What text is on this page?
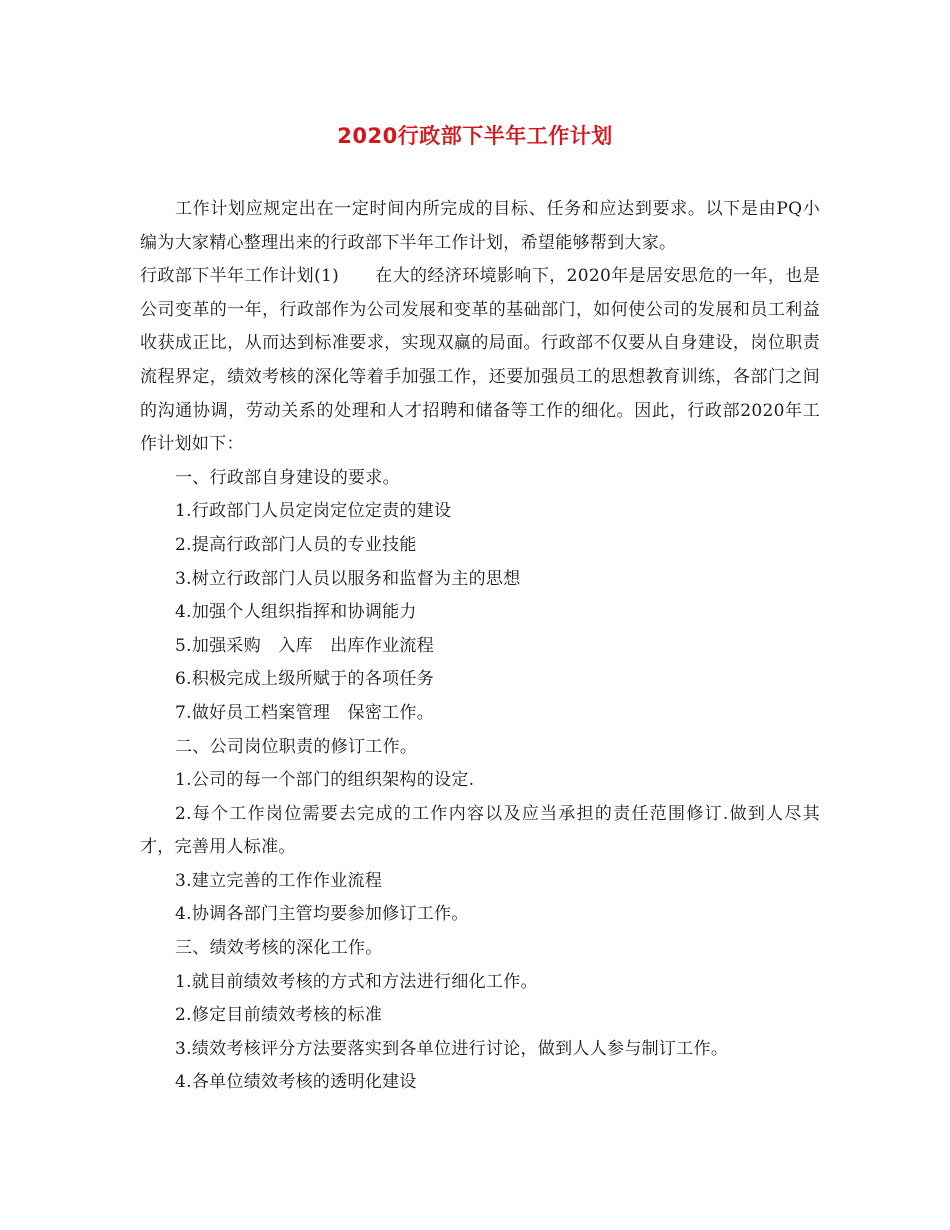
2020行政部下半年工作计划

工作计划应规定出在一定时间内所完成的目标、任务和应达到要求。以下是由PQ小编为大家精心整理出来的行政部下半年工作计划，希望能够帮到大家。

行政部下半年工作计划(1) 在大的经济环境影响下，2020年是居安思危的一年，也是公司变革的一年，行政部作为公司发展和变革的基础部门，如何使公司的发展和员工利益收获成正比，从而达到标准要求，实现双赢的局面。行政部不仅要从自身建设，岗位职责流程界定，绩效考核的深化等着手加强工作，还要加强员工的思想教育训练，各部门之间的沟通协调，劳动关系的处理和人才招聘和储备等工作的细化。因此，行政部2020年工作计划如下：

一、行政部自身建设的要求。

1.行政部门人员定岗定位定责的建设

2.提高行政部门人员的专业技能

3.树立行政部门人员以服务和监督为主的思想

4.加强个人组织指挥和协调能力

5.加强采购　入库　出库作业流程

6.积极完成上级所赋于的各项任务

7.做好员工档案管理　保密工作。

二、公司岗位职责的修订工作。

1.公司的每一个部门的组织架构的设定.

2.每个工作岗位需要去完成的工作内容以及应当承担的责任范围修订.做到人尽其才，完善用人标准。

3.建立完善的工作作业流程

4.协调各部门主管均要参加修订工作。

三、绩效考核的深化工作。

1.就目前绩效考核的方式和方法进行细化工作。

2.修定目前绩效考核的标准

3.绩效考核评分方法要落实到各单位进行讨论，做到人人参与制订工作。

4.各单位绩效考核的透明化建设
